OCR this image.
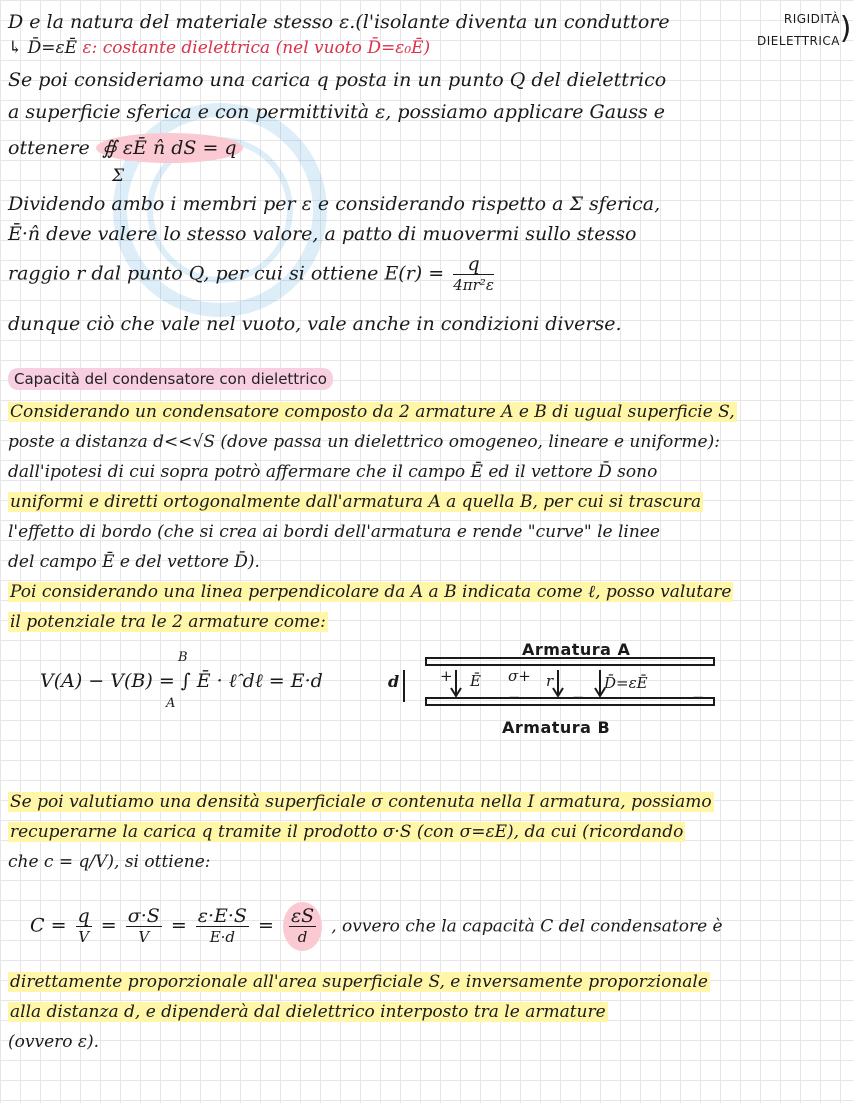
D e la natura del materiale stesso ε.(l'isolante diventa un conduttore	RIGIDITÀ
DIELETTRICA )
↳ D̄=εĒ ε: costante dielettrica (nel vuoto D̄=ε₀Ē)
Se poi consideriamo una carica q posta in un punto Q del dielettrico
a superficie sferica e con permittività ε, possiamo applicare Gauss e
ottenere ∯ εĒ n̂ dS = q
Σ
Dividendo ambo i membri per ε e considerando rispetto a Σ sferica,
Ē·n̂ deve valere lo stesso valore, a patto di muovermi sullo stesso
raggio r dal punto Q, per cui si ottiene $E(r) = \frac{q}{\text{4πr²ε}}$
dunque ciò che vale nel vuoto, vale anche in condizioni diverse.
Capacità del condensatore con dielettrico
Considerando un condensatore composto da 2 armature A e B di ugual superficie S,
poste a distanza d<<√S (dove passa un dielettrico omogeneo, lineare e uniforme):
dall'ipotesi di cui sopra potrò affermare che il campo Ē ed il vettore D̄ sono
uniformi e diretti ortogonalmente dall'armatura A a quella B, per cui si trascura
l'effetto di bordo (che si crea ai bordi dell'armatura e rende "curve" le linee
del campo Ē e del vettore D̄).
Poi considerando una linea perpendicolare da A a B indicata come ℓ, posso valutare
il potenziale tra le 2 armature come:
V(A) − V(B) = ∫ Ē · ℓ̂ dℓ = E·d
B
A
Armatura A
d	+ Ē σ+ r
−	−
D̄=εĒ
−
Armatura B
Se poi valutiamo una densità superficiale σ contenuta nella I armatura, possiamo
recuperarne la carica q tramite il prodotto σ·S (con σ=εE), da cui (ricordando
che c = q/V), si ottiene:
$C = \frac{q}{V} = \frac{\sigma\cdot S}{V} = \frac{\varepsilon\cdot E\cdot S}{E\cdot d} = \frac{\varepsilon S}{d}$ , ovvero che la capacità C del condensatore è
direttamente proporzionale all'area superficiale S, e inversamente proporzionale
alla distanza d, e dipenderà dal dielettrico interposto tra le armature
(ovvero ε).
